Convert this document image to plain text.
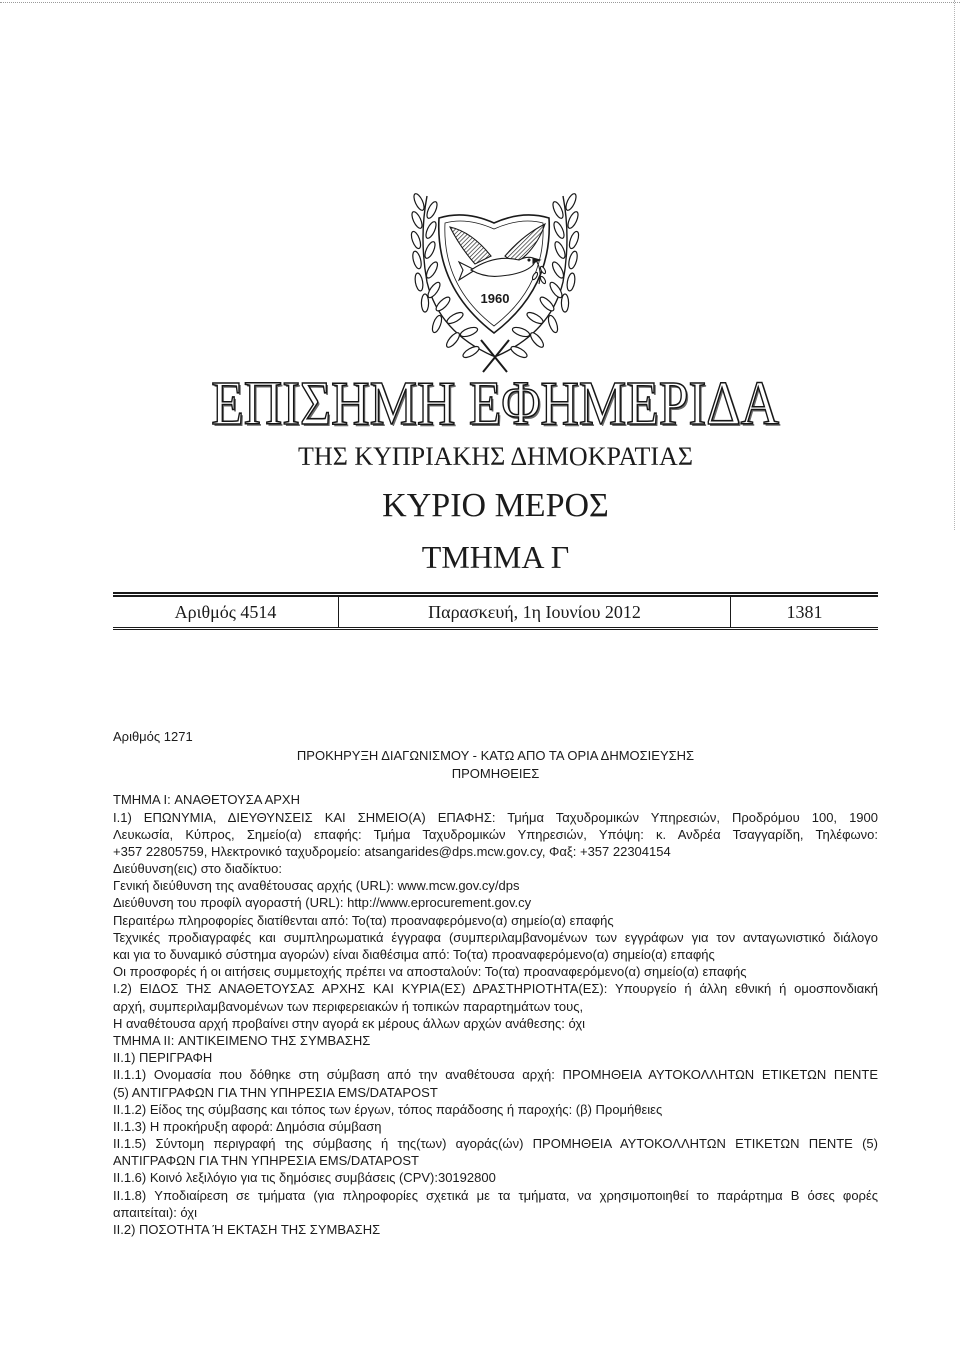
1960
ΕΠΙΣΗΜΗ ΕΦΗΜΕΡΙΔΑ
ΤΗΣ ΚΥΠΡΙΑΚΗΣ ΔΗΜΟΚΡΑΤΙΑΣ
ΚΥΡΙΟ ΜΕΡΟΣ
ΤΜΗΜΑ Γ
Αριθμός 4514	Παρασκευή, 1η Ιουνίου 2012	1381
Αριθμός 1271
ΠΡΟΚΗΡΥΞΗ ΔΙΑΓΩΝΙΣΜΟΥ - ΚΑΤΩ ΑΠΟ ΤΑ ΟΡΙΑ ΔΗΜΟΣΙΕΥΣΗΣ
ΠΡΟΜΗΘΕΙΕΣ
ΤΜΗΜΑ I: ΑΝΑΘΕΤΟΥΣΑ ΑΡΧΗ
I.1) ΕΠΩΝΥΜΙΑ, ΔΙΕΥΘΥΝΣΕΙΣ ΚΑΙ ΣΗΜΕΙΟ(Α) ΕΠΑΦΗΣ: Τμήμα Ταχυδρομικών Υπηρεσιών, Προδρόμου 100, 1900
Λευκωσία, Κύπρος, Σημείο(α) επαφής: Τμήμα Ταχυδρομικών Υπηρεσιών, Υπόψη: κ. Ανδρέα Τσαγγαρίδη, Τηλέφωνο:
+357 22805759, Ηλεκτρονικό ταχυδρομείο: atsangarides@dps.mcw.gov.cy, Φαξ: +357 22304154
Διεύθυνση(εις) στο διαδίκτυο:
Γενική διεύθυνση της αναθέτουσας αρχής (URL): www.mcw.gov.cy/dps
Διεύθυνση του προφίλ αγοραστή (URL): http://www.eprocurement.gov.cy
Περαιτέρω πληροφορίες διατίθενται από: Το(τα) προαναφερόμενο(α) σημείο(α) επαφής
Τεχνικές προδιαγραφές και συμπληρωματικά έγγραφα (συμπεριλαμβανομένων των εγγράφων για τον ανταγωνιστικό διάλογο
και για το δυναμικό σύστημα αγορών) είναι διαθέσιμα από: Το(τα) προαναφερόμενο(α) σημείο(α) επαφής
Οι προσφορές ή οι αιτήσεις συμμετοχής πρέπει να αποσταλούν: Το(τα) προαναφερόμενο(α) σημείο(α) επαφής
I.2) ΕΙΔΟΣ ΤΗΣ ΑΝΑΘΕΤΟΥΣΑΣ ΑΡΧΗΣ ΚΑΙ ΚΥΡΙΑ(ΕΣ) ΔΡΑΣΤΗΡΙΟΤΗΤΑ(ΕΣ): Υπουργείο ή άλλη εθνική ή ομοσπονδιακή
αρχή, συμπεριλαμβανομένων των περιφερειακών ή τοπικών παραρτημάτων τους,
Η αναθέτουσα αρχή προβαίνει στην αγορά εκ μέρους άλλων αρχών ανάθεσης: όχι
ΤΜΗΜΑ II: ΑΝΤΙΚΕΙΜΕΝΟ ΤΗΣ ΣΥΜΒΑΣΗΣ
II.1) ΠΕΡΙΓΡΑΦΗ
II.1.1) Ονομασία που δόθηκε στη σύμβαση από την αναθέτουσα αρχή: ΠΡΟΜΗΘΕΙΑ ΑΥΤΟΚΟΛΛΗΤΩΝ ΕΤΙΚΕΤΩΝ ΠΕΝΤΕ
(5) ΑΝΤΙΓΡΑΦΩΝ ΓΙΑ ΤΗΝ ΥΠΗΡΕΣΙΑ EMS/DATAPOST
II.1.2) Είδος της σύμβασης και τόπος των έργων, τόπος παράδοσης ή παροχής: (β) Προμήθειες
II.1.3) Η προκήρυξη αφορά: Δημόσια σύμβαση
II.1.5) Σύντομη περιγραφή της σύμβασης ή της(των) αγοράς(ών) ΠΡΟΜΗΘΕΙΑ ΑΥΤΟΚΟΛΛΗΤΩΝ ΕΤΙΚΕΤΩΝ ΠΕΝΤΕ (5)
ΑΝΤΙΓΡΑΦΩΝ ΓΙΑ ΤΗΝ ΥΠΗΡΕΣΙΑ EMS/DATAPOST
II.1.6) Κοινό λεξιλόγιο για τις δημόσιες συμβάσεις (CPV):30192800
II.1.8) Υποδιαίρεση σε τμήματα (για πληροφορίες σχετικά με τα τμήματα, να χρησιμοποιηθεί το παράρτημα Β όσες φορές
απαιτείται): όχι
II.2) ΠΟΣΟΤΗΤΑ Ή ΕΚΤΑΣΗ ΤΗΣ ΣΥΜΒΑΣΗΣ
